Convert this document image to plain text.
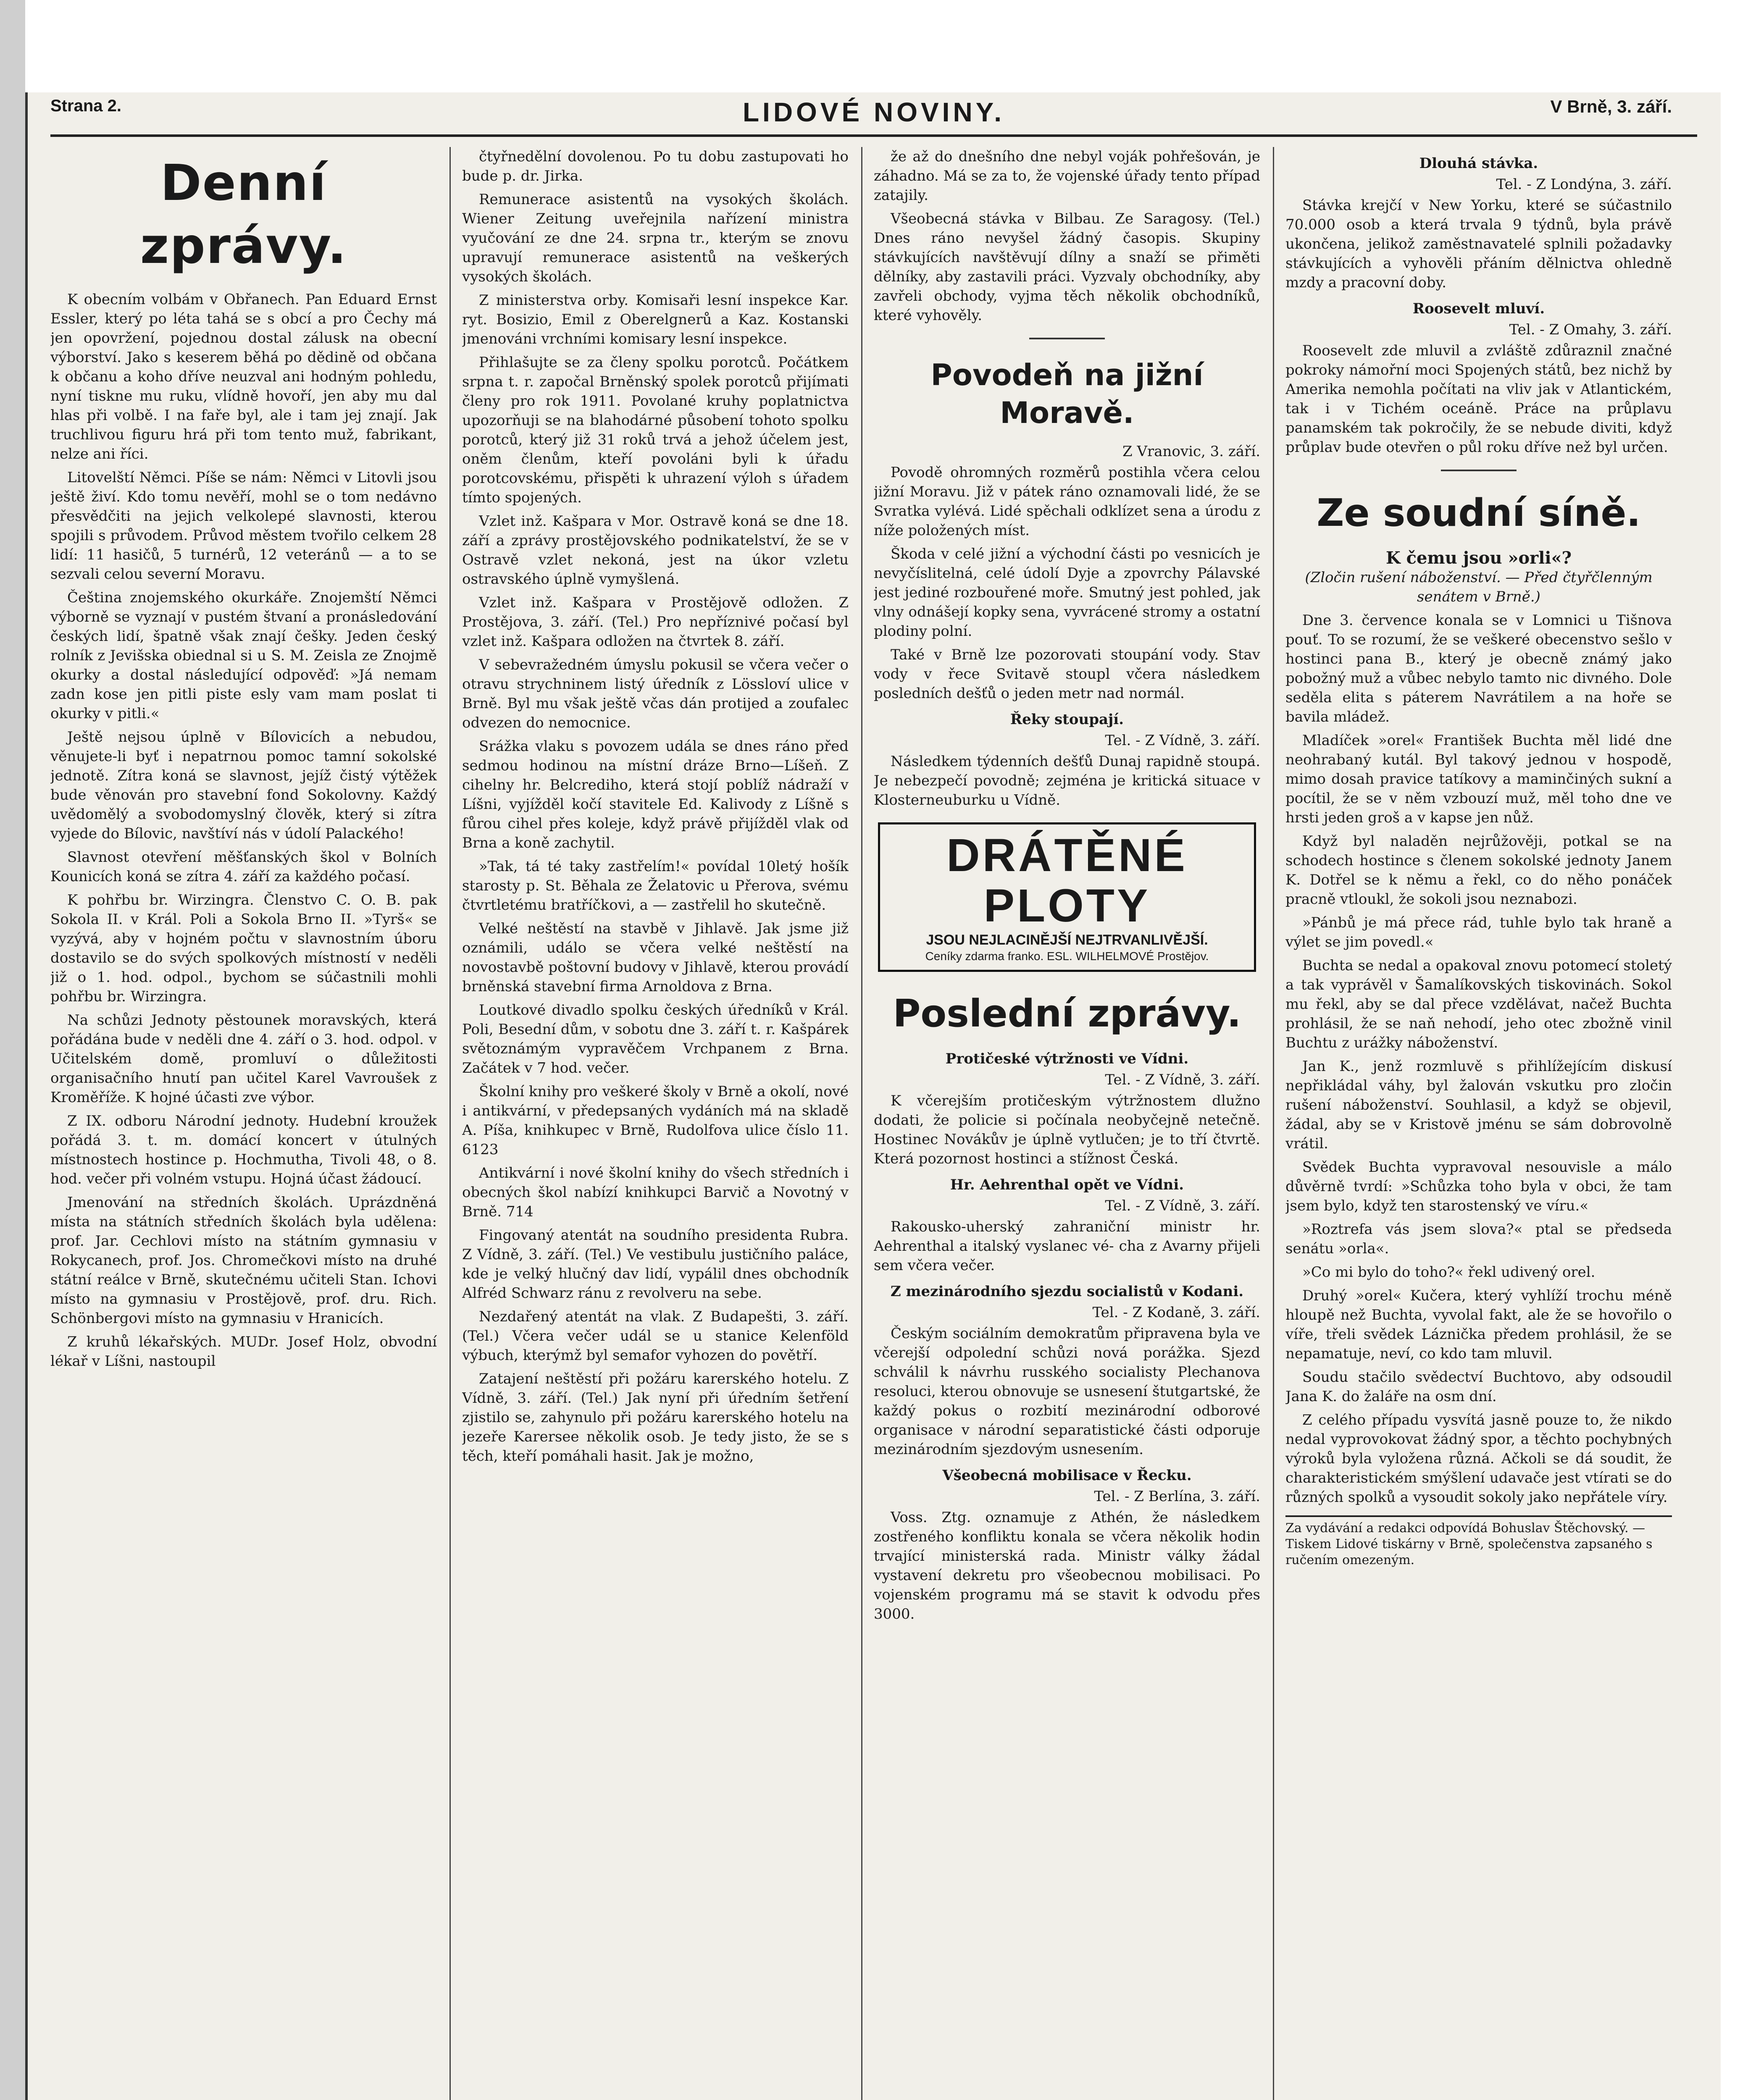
Strana 2.	LIDOVÉ NOVINY.	V Brně, 3. září.
Denní zprávy.

K obecním volbám v Obřanech. Pan Eduard Ernst Essler, který po léta tahá se s obcí a pro Čechy má jen opovržení, pojednou dostal zálusk na obecní výborství. Jako s keserem běhá po dědině od občana k občanu a koho dříve neuzval ani hodným pohledu, nyní tiskne mu ruku, vlídně hovoří, jen aby mu dal hlas při volbě. I na faře byl, ale i tam jej znají. Jak truchlivou figuru hrá při tom tento muž, fabrikant, nelze ani říci.

Litovelští Němci. Píše se nám: Němci v Litovli jsou ještě živí. Kdo tomu nevěří, mohl se o tom nedávno přesvědčiti na jejich velkolepé slavnosti, kterou spojili s průvodem. Průvod městem tvořilo celkem 28 lidí: 11 hasičů, 5 turnérů, 12 veteránů — a to se sezvali celou severní Moravu.

Čeština znojemského okurkáře. Znojemští Němci výborně se vyznají v pustém štvaní a pronásledování českých lidí, špatně však znají češky. Jeden český rolník z Jevišska obiednal si u S. M. Zeisla ze Znojmě okurky a dostal následující odpověď: »Já nemam zadn kose jen pitli piste esly vam mam poslat ti okurky v pitli.«

Ještě nejsou úplně v Bílovicích a nebudou, věnujete-li byť i nepatrnou pomoc tamní sokolské jednotě. Zítra koná se slavnost, jejíž čistý výtěžek bude věnován pro stavební fond Sokolovny. Každý uvědomělý a svobodomyslný člověk, který si zítra vyjede do Bílovic, navštíví nás v údolí Palackého!

Slavnost otevření měšťanských škol v Bolních Kounicích koná se zítra 4. září za každého počasí.

K pohřbu br. Wirzingra. Členstvo C. O. B. pak Sokola II. v Král. Poli a Sokola Brno II. »Tyrš« se vyzývá, aby v hojném počtu v slavnostním úboru dostavilo se do svých spolkových místností v neděli již o 1. hod. odpol., bychom se súčastnili mohli pohřbu br. Wirzingra.

Na schůzi Jednoty pěstounek moravských, která pořádána bude v neděli dne 4. září o 3. hod. odpol. v Učitelském domě, promluví o důležitosti organisačního hnutí pan učitel Karel Vavroušek z Kroměříže. K hojné účasti zve výbor.

Z IX. odboru Národní jednoty. Hudební kroužek pořádá 3. t. m. domácí koncert v útulných místnostech hostince p. Hochmutha, Tivoli 48, o 8. hod. večer při volném vstupu. Hojná účast žádoucí.

Jmenování na středních školách. Uprázdněná místa na státních středních školách byla udělena: prof. Jar. Cechlovi místo na státním gymnasiu v Rokycanech, prof. Jos. Chromečkovi místo na druhé státní reálce v Brně, skutečnému učiteli Stan. Ichovi místo na gymnasiu v Prostějově, prof. dru. Rich. Schönbergovi místo na gymnasiu v Hranicích.

Z kruhů lékařských. MUDr. Josef Holz, obvodní lékař v Líšni, nastoupil

čtyřnedělní dovolenou. Po tu dobu zastupovati ho bude p. dr. Jirka.

Remunerace asistentů na vysokých školách. Wiener Zeitung uveřejnila nařízení ministra vyučování ze dne 24. srpna tr., kterým se znovu upravují remunerace asistentů na veškerých vysokých školách.

Z ministerstva orby. Komisaři lesní inspekce Kar. ryt. Bosizio, Emil z Oberelgnerů a Kaz. Kostanski jmenováni vrchními komisary lesní inspekce.

Přihlašujte se za členy spolku porotců. Počátkem srpna t. r. započal Brněnský spolek porotců přijímati členy pro rok 1911. Povolané kruhy poplatnictva upozorňuji se na blahodárné působení tohoto spolku porotců, který již 31 roků trvá a jehož účelem jest, oněm členům, kteří povoláni byli k úřadu porotcovskému, přispěti k uhrazení výloh s úřadem tímto spojených.

Vzlet inž. Kašpara v Mor. Ostravě koná se dne 18. září a zprávy prostějovského podnikatelství, že se v Ostravě vzlet nekoná, jest na úkor vzletu ostravského úplně vymyšlená.

Vzlet inž. Kašpara v Prostějově odložen. Z Prostějova, 3. září. (Tel.) Pro nepříznivé počasí byl vzlet inž. Kašpara odložen na čtvrtek 8. září.

V sebevražedném úmyslu pokusil se včera večer o otravu strychninem listý úředník z Lössloví ulice v Brně. Byl mu však ještě včas dán protijed a zoufalec odvezen do nemocnice.

Srážka vlaku s povozem udála se dnes ráno před sedmou hodinou na místní dráze Brno—Líšeň. Z cihelny hr. Belcrediho, která stojí poblíž nádraží v Líšni, vyjížděl kočí stavitele Ed. Kalivody z Líšně s fůrou cihel přes koleje, když právě přijížděl vlak od Brna a koně zachytil.

»Tak, tá té taky zastřelím!« povídal 10letý hošík starosty p. St. Běhala ze Želatovic u Přerova, svému čtvrtletému bratříčkovi, a — zastřelil ho skutečně.

Velké neštěstí na stavbě v Jihlavě. Jak jsme již oznámili, událo se včera velké neštěstí na novostavbě poštovní budovy v Jihlavě, kterou provádí brněnská stavební firma Arnoldova z Brna.

Loutkové divadlo spolku českých úředníků v Král. Poli, Besední dům, v sobotu dne 3. září t. r. Kašpárek světoznámým vypravěčem Vrchpanem z Brna. Začátek v 7 hod. večer.

Školní knihy pro veškeré školy v Brně a okolí, nové i antikvární, v předepsaných vydáních má na skladě A. Píša, knihkupec v Brně, Rudolfova ulice číslo 11. 6123

Antikvární i nové školní knihy do všech středních i obecných škol nabízí knihkupci Barvič a Novotný v Brně. 714

Fingovaný atentát na soudního presidenta Rubra. Z Vídně, 3. září. (Tel.) Ve vestibulu justičního paláce, kde je velký hlučný dav lidí, vypálil dnes obchodník Alfréd Schwarz ránu z revolveru na sebe.

Nezdařený atentát na vlak. Z Budapešti, 3. září. (Tel.) Včera večer udál se u stanice Kelenföld výbuch, kterýmž byl semafor vyhozen do povětří.

Zatajení neštěstí při požáru karerského hotelu. Z Vídně, 3. září. (Tel.) Jak nyní při úředním šetření zjistilo se, zahynulo při požáru karerského hotelu na jezeře Karersee několik osob. Je tedy jisto, že se s těch, kteří pomáhali hasit. Jak je možno,

že až do dnešního dne nebyl voják pohřešován, je záhadno. Má se za to, že vojenské úřady tento případ zatajily.

Všeobecná stávka v Bilbau. Ze Saragosy. (Tel.) Dnes ráno nevyšel žádný časopis. Skupiny stávkujících navštěvují dílny a snaží se přiměti dělníky, aby zastavili práci. Vyzvaly obchodníky, aby zavřeli obchody, vyjma těch několik obchodníků, které vyhověly.

Povodeň na jižní Moravě.
Z Vranovic, 3. září.

Povodě ohromných rozměrů postihla včera celou jižní Moravu. Již v pátek ráno oznamovali lidé, že se Svratka vylévá. Lidé spěchali odklízet sena a úrodu z níže položených míst.

Škoda v celé jižní a východní části po vesnicích je nevyčíslitelná, celé údolí Dyje a zpovrchy Pálavské jest jediné rozbouřené moře. Smutný jest pohled, jak vlny odnášejí kopky sena, vyvrácené stromy a ostatní plodiny polní.

Také v Brně lze pozorovati stoupání vody. Stav vody v řece Svitavě stoupl včera následkem posledních dešťů o jeden metr nad normál.

Řeky stoupají.
Tel. - Z Vídně, 3. září.

Následkem týdenních dešťů Dunaj rapidně stoupá. Je nebezpečí povodně; zejména je kritická situace v Klosterneuburku u Vídně.

DRÁTĚNÉ PLOTY
JSOU NEJLACINĚJŠÍ NEJTRVANLIVĚJŠÍ.
Ceníky zdarma franko. ESL. WILHELMOVÉ Prostějov.
Poslední zprávy.
Protičeské výtržnosti ve Vídni.
Tel. - Z Vídně, 3. září.

K včerejším protičeským výtržnostem dlužno dodati, že policie si počínala neobyčejně netečně. Hostinec Novákův je úplně vytlučen; je to tří čtvrtě. Která pozornost hostinci a stížnost Česká.

Hr. Aehrenthal opět ve Vídni.
Tel. - Z Vídně, 3. září.

Rakousko-uherský zahraniční ministr hr. Aehrenthal a italský vyslanec vé- cha z Avarny přijeli sem včera večer.

Z mezinárodního sjezdu socialistů v Kodani.
Tel. - Z Kodaně, 3. září.

Českým sociálním demokratům připravena byla ve včerejší odpolední schůzi nová porážka. Sjezd schválil k návrhu rusského socialisty Plechanova resoluci, kterou obnovuje se usnesení štutgartské, že každý pokus o rozbití mezinárodní odborové organisace v národní separatistické části odporuje mezinárodním sjezdovým usnesením.

Všeobecná mobilisace v Řecku.
Tel. - Z Berlína, 3. září.

Voss. Ztg. oznamuje z Athén, že následkem zostřeného konfliktu konala se včera několik hodin trvající ministerská rada. Ministr války žádal vystavení dekretu pro všeobecnou mobilisaci. Po vojenském programu má se stavit k odvodu přes 3000.

Dlouhá stávka.
Tel. - Z Londýna, 3. září.

Stávka krejčí v New Yorku, které se súčastnilo 70.000 osob a která trvala 9 týdnů, byla právě ukončena, jelikož zaměstnavatelé splnili požadavky stávkujících a vyhověli přáním dělnictva ohledně mzdy a pracovní doby.

Roosevelt mluví.
Tel. - Z Omahy, 3. září.

Roosevelt zde mluvil a zvláště zdůraznil značné pokroky námořní moci Spojených států, bez nichž by Amerika nemohla počítati na vliv jak v Atlantickém, tak i v Tichém oceáně. Práce na průplavu panamském tak pokročily, že se nebude diviti, když průplav bude otevřen o půl roku dříve než byl určen.

Ze soudní síně.
K čemu jsou »orli«?
(Zločin rušení náboženství. — Před čtyřčlenným senátem v Brně.)

Dne 3. července konala se v Lomnici u Tišnova pouť. To se rozumí, že se veškeré obecenstvo sešlo v hostinci pana B., který je obecně známý jako pobožný muž a vůbec nebylo tamto nic divného. Dole seděla elita s páterem Navrátilem a na hoře se bavila mládež.

Mladíček »orel« František Buchta měl lidé dne neohrabaný kutál. Byl takový jednou v hospodě, mimo dosah pravice tatíkovy a maminčiných sukní a pocítil, že se v něm vzbouzí muž, měl toho dne ve hrsti jeden groš a v kapse jen nůž.

Když byl naladěn nejrůžověji, potkal se na schodech hostince s členem sokolské jednoty Janem K. Dotřel se k němu a řekl, co do něho ponáček pracně vtloukl, že sokoli jsou neznabozi.

»Pánbů je má přece rád, tuhle bylo tak hraně a výlet se jim povedl.«

Buchta se nedal a opakoval znovu potomecí stoletý a tak vyprávěl v Šamalíkovských tiskovinách. Sokol mu řekl, aby se dal přece vzdělávat, načež Buchta prohlásil, že se naň nehodí, jeho otec zbožně vinil Buchtu z urážky náboženství.

Jan K., jenž rozmluvě s přihlížejícím diskusí nepřikládal váhy, byl žalován vskutku pro zločin rušení náboženství. Souhlasil, a když se objevil, žádal, aby se v Kristově jménu se sám dobrovolně vrátil.

Svědek Buchta vypravoval nesouvisle a málo důvěrně tvrdí: »Schůzka toho byla v obci, že tam jsem bylo, když ten starostenský ve víru.«

»Roztrefa vás jsem slova?« ptal se předseda senátu »orla«.

»Co mi bylo do toho?« řekl udivený orel.

Druhý »orel« Kučera, který vyhlíží trochu méně hloupě než Buchta, vyvolal fakt, ale že se hovořilo o víře, třeli svědek Láznička předem prohlásil, že se nepamatuje, neví, co kdo tam mluvil.

Soudu stačilo svědectví Buchtovo, aby odsoudil Jana K. do žaláře na osm dní.

Z celého případu vysvítá jasně pouze to, že nikdo nedal vyprovokovat žádný spor, a těchto pochybných výroků byla vyložena různá. Ačkoli se dá soudit, že charakteristickém smýšlení udavače jest vtírati se do různých spolků a vysoudit sokoly jako nepřátele víry.

Za vydávání a redakci odpovídá Bohuslav Štěchovský. — Tiskem Lidové tiskárny v Brně, společenstva zapsaného s ručením omezeným.
